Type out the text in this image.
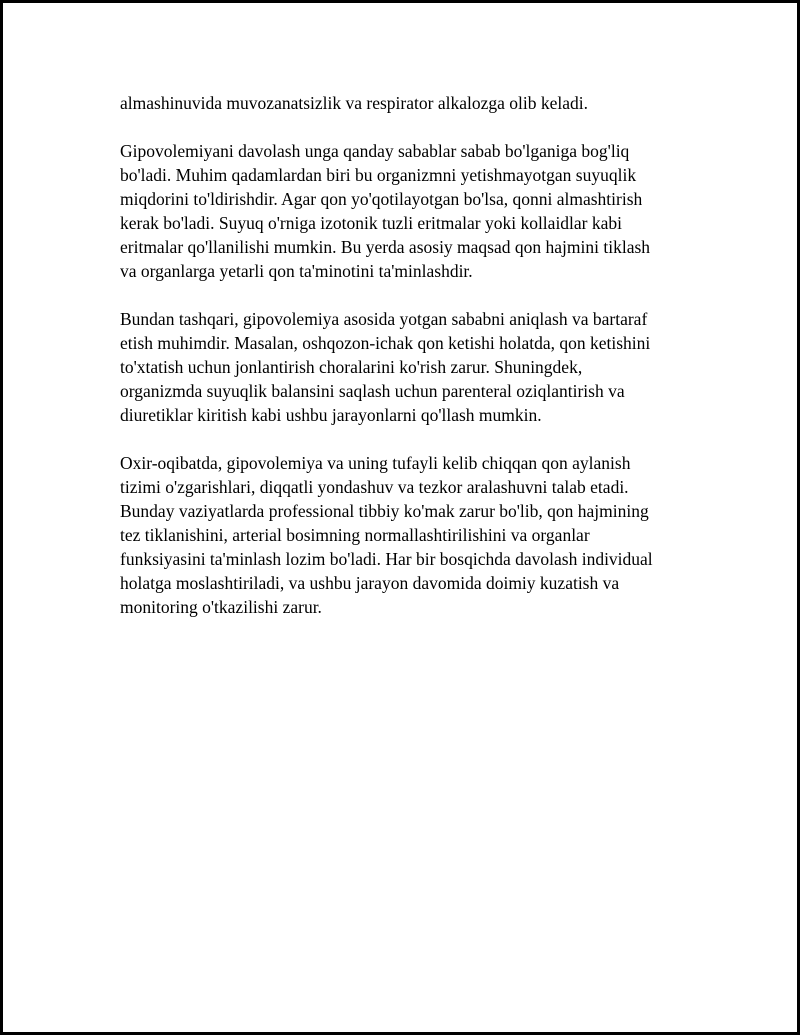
almashinuvida muvozanatsizlik va respirator alkalozga olib keladi.

Gipovolemiyani davolash unga qanday sabablar sabab bo'lganiga bog'liq
bo'ladi. Muhim qadamlardan biri bu organizmni yetishmayotgan suyuqlik
miqdorini to'ldirishdir. Agar qon yo'qotilayotgan bo'lsa, qonni almashtirish
kerak bo'ladi. Suyuq o'rniga izotonik tuzli eritmalar yoki kollaidlar kabi
eritmalar qo'llanilishi mumkin. Bu yerda asosiy maqsad qon hajmini tiklash
va organlarga yetarli qon ta'minotini ta'minlashdir.

Bundan tashqari, gipovolemiya asosida yotgan sababni aniqlash va bartaraf
etish muhimdir. Masalan, oshqozon-ichak qon ketishi holatda, qon ketishini
to'xtatish uchun jonlantirish choralarini ko'rish zarur. Shuningdek,
organizmda suyuqlik balansini saqlash uchun parenteral oziqlantirish va
diuretiklar kiritish kabi ushbu jarayonlarni qo'llash mumkin.

Oxir-oqibatda, gipovolemiya va uning tufayli kelib chiqqan qon aylanish
tizimi o'zgarishlari, diqqatli yondashuv va tezkor aralashuvni talab etadi.
Bunday vaziyatlarda professional tibbiy ko'mak zarur bo'lib, qon hajmining
tez tiklanishini, arterial bosimning normallashtirilishini va organlar
funksiyasini ta'minlash lozim bo'ladi. Har bir bosqichda davolash individual
holatga moslashtiriladi, va ushbu jarayon davomida doimiy kuzatish va
monitoring o'tkazilishi zarur.
